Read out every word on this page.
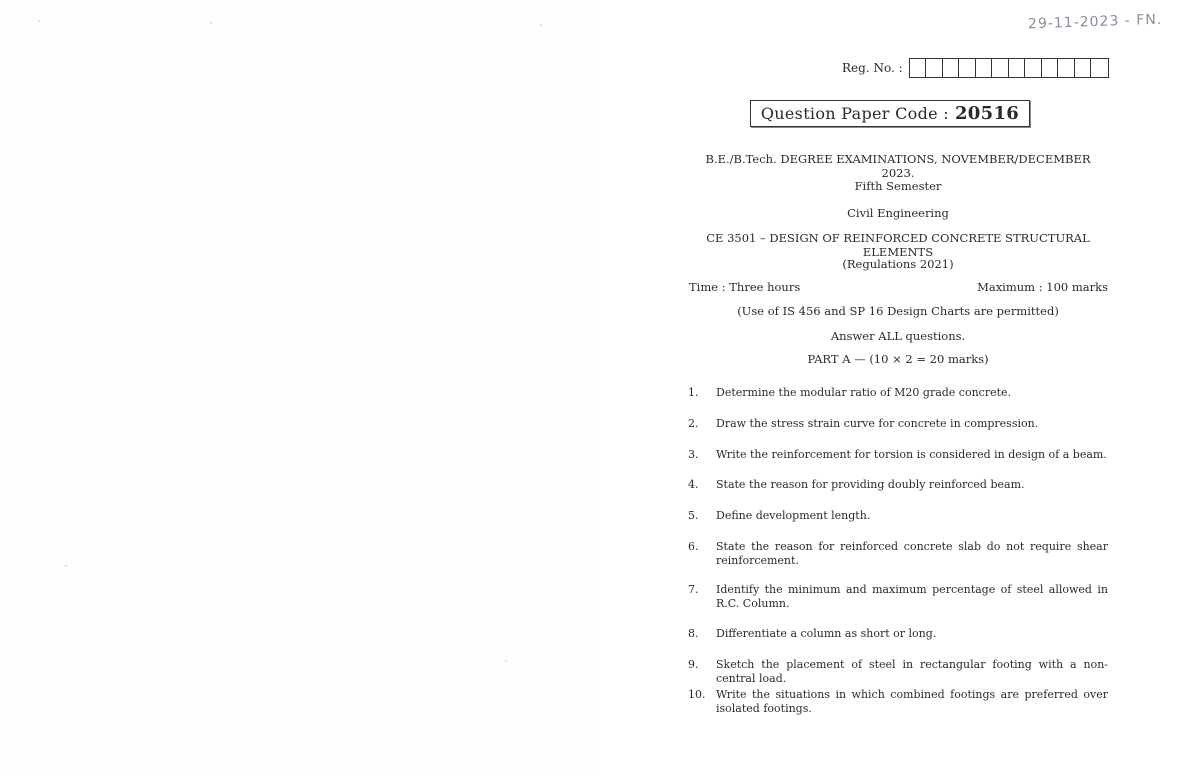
29-11-2023 - FN.
Reg. No. :
Question Paper Code : 20516
B.E./B.Tech. DEGREE EXAMINATIONS, NOVEMBER/DECEMBER 2023.
Fifth Semester
Civil Engineering
CE 3501 – DESIGN OF REINFORCED CONCRETE STRUCTURAL ELEMENTS
(Regulations 2021)
Time : Three hours	Maximum : 100 marks
(Use of IS 456 and SP 16 Design Charts are permitted)
Answer ALL questions.
PART A — (10 × 2 = 20 marks)
1.	Determine the modular ratio of M20 grade concrete.
2.	Draw the stress strain curve for concrete in compression.
3.	Write the reinforcement for torsion is considered in design of a beam.
4.	State the reason for providing doubly reinforced beam.
5.	Define development length.
6.	State the reason for reinforced concrete slab do not require shear reinforcement.
7.	Identify the minimum and maximum percentage of steel allowed in R.C. Column.
8.	Differentiate a column as short or long.
9.	Sketch the placement of steel in rectangular footing with a non-central load.
10. Write the situations in which combined footings are preferred over isolated footings.
